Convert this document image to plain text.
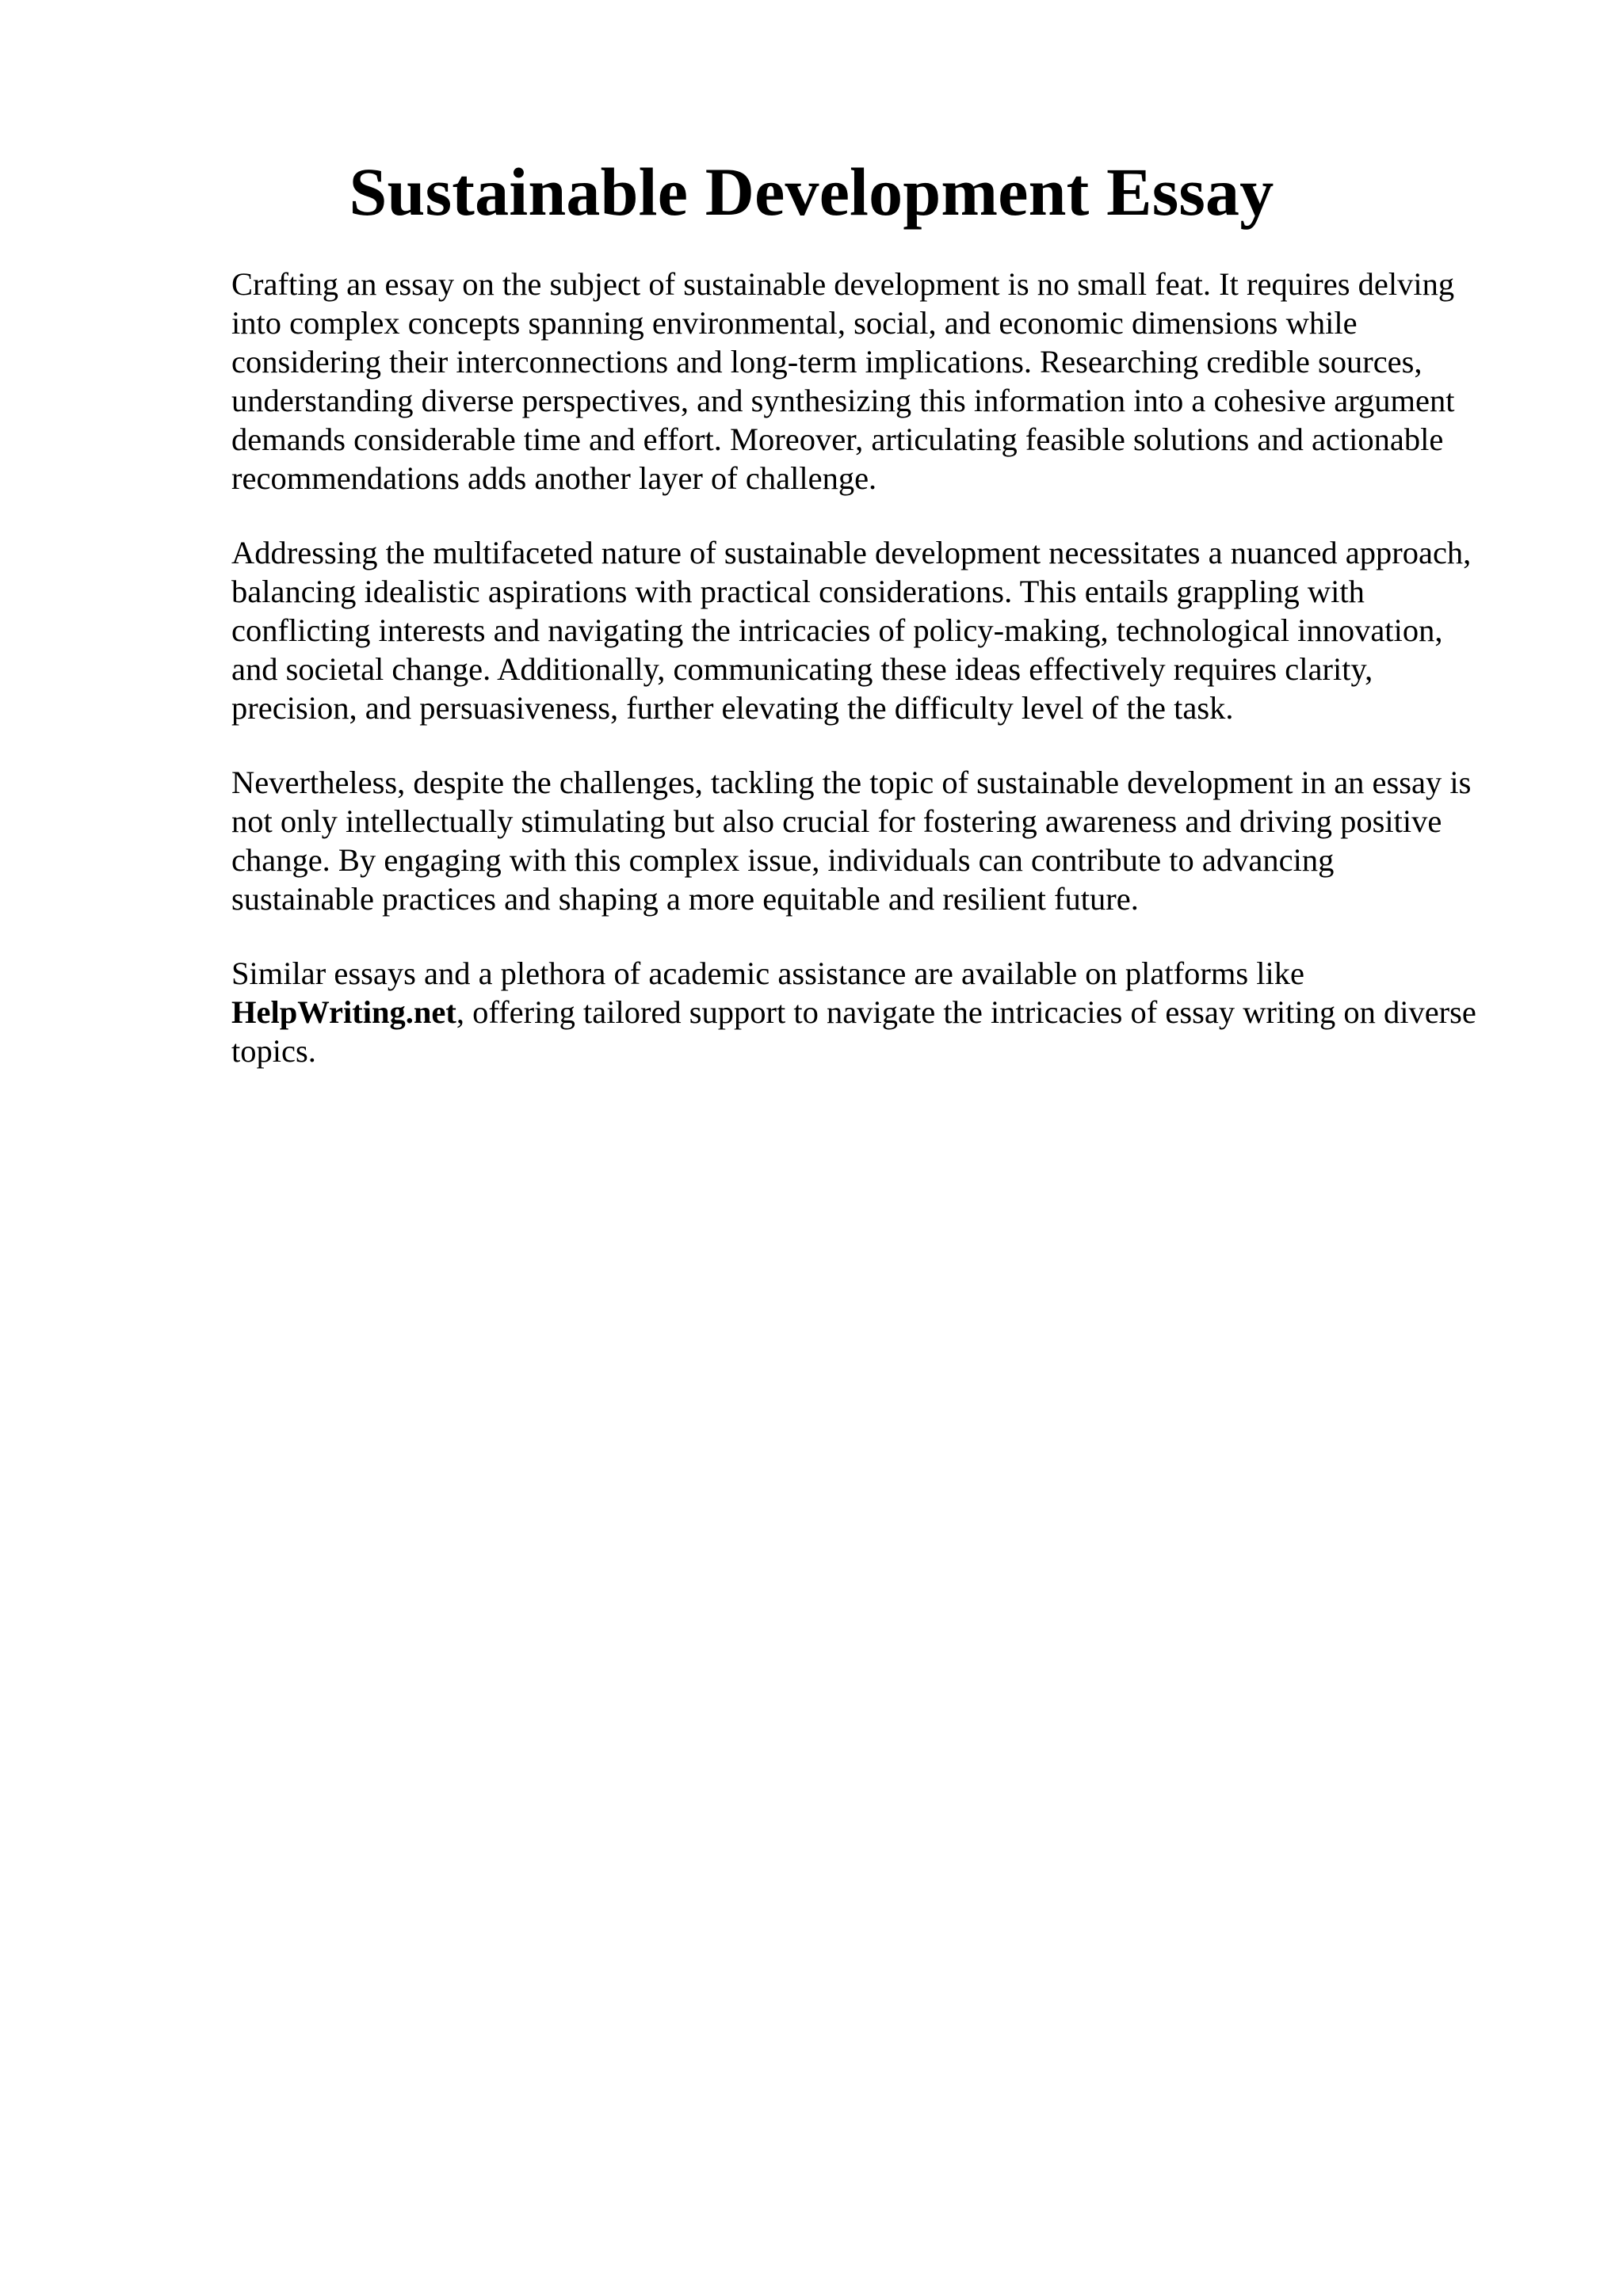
Sustainable Development Essay

Crafting an essay on the subject of sustainable development is no small feat. It requires delving
into complex concepts spanning environmental, social, and economic dimensions while
considering their interconnections and long-term implications. Researching credible sources,
understanding diverse perspectives, and synthesizing this information into a cohesive argument
demands considerable time and effort. Moreover, articulating feasible solutions and actionable
recommendations adds another layer of challenge.

Addressing the multifaceted nature of sustainable development necessitates a nuanced approach,
balancing idealistic aspirations with practical considerations. This entails grappling with
conflicting interests and navigating the intricacies of policy-making, technological innovation,
and societal change. Additionally, communicating these ideas effectively requires clarity,
precision, and persuasiveness, further elevating the difficulty level of the task.

Nevertheless, despite the challenges, tackling the topic of sustainable development in an essay is
not only intellectually stimulating but also crucial for fostering awareness and driving positive
change. By engaging with this complex issue, individuals can contribute to advancing
sustainable practices and shaping a more equitable and resilient future.

Similar essays and a plethora of academic assistance are available on platforms like
HelpWriting.net, offering tailored support to navigate the intricacies of essay writing on diverse
topics.
